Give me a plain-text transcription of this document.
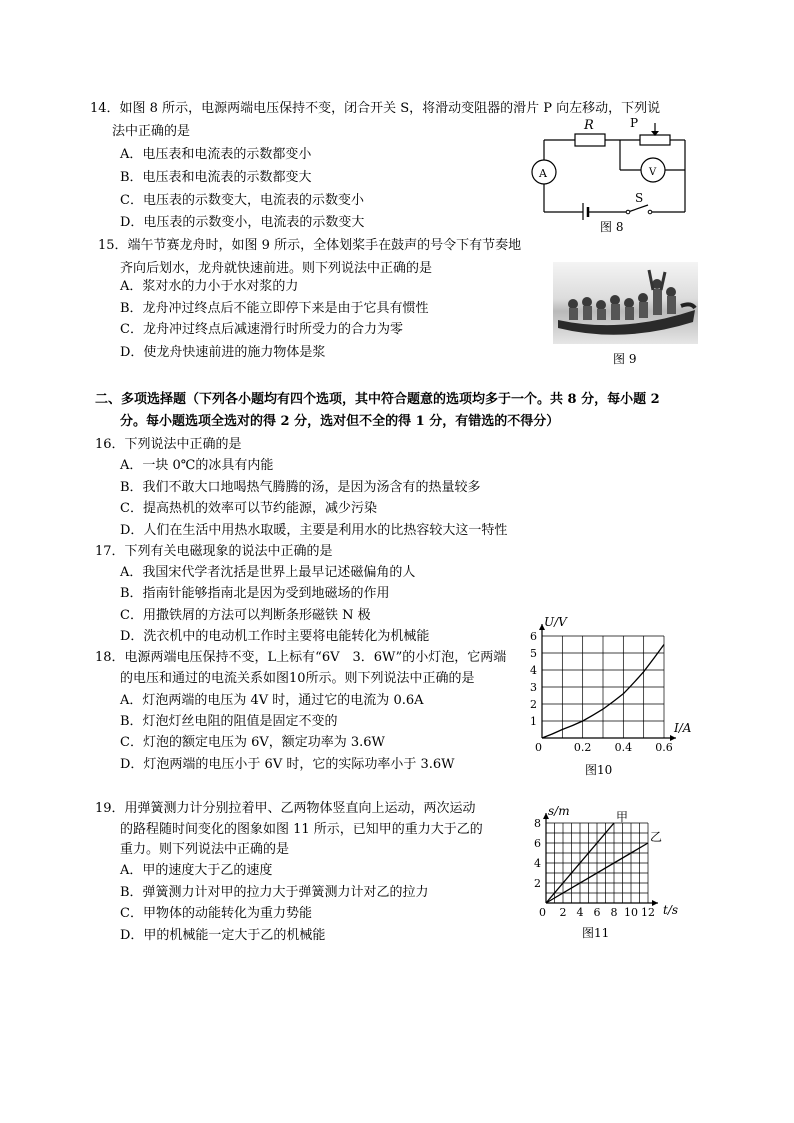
14．如图 8 所示，电源两端电压保持不变，闭合开关 S，将滑动变阻器的滑片 P 向左移动，下列说
法中正确的是
A．电压表和电流表的示数都变小
B．电压表和电流表的示数都变大
C．电压表的示数变大，电流表的示数变小
D．电压表的示数变小，电流表的示数变大
R	P
A	V
S
图 8
15．端午节赛龙舟时，如图 9 所示，全体划桨手在鼓声的号令下有节奏地
齐向后划水，龙舟就快速前进。则下列说法中正确的是
A．浆对水的力小于水对浆的力
B．龙舟冲过终点后不能立即停下来是由于它具有惯性
C．龙舟冲过终点后减速滑行时所受力的合力为零
D．使龙舟快速前进的施力物体是浆	图 9
二、多项选择题（下列各小题均有四个选项，其中符合题意的选项均多于一个。共 8 分，每小题 2
分。每小题选项全选对的得 2 分，选对但不全的得 1 分，有错选的不得分）
16．下列说法中正确的是
A．一块 0℃的冰具有内能
B．我们不敢大口地喝热气腾腾的汤，是因为汤含有的热量较多
C．提高热机的效率可以节约能源，减少污染
D．人们在生活中用热水取暖，主要是利用水的比热容较大这一特性
17．下列有关电磁现象的说法中正确的是
A．我国宋代学者沈括是世界上最早记述磁偏角的人
B．指南针能够指南北是因为受到地磁场的作用
C．用撒铁屑的方法可以判断条形磁铁 N 极
D．洗衣机中的电动机工作时主要将电能转化为机械能
18．电源两端电压保持不变，L上标有“6V　3．6W”的小灯泡，它两端
的电压和通过的电流关系如图10所示。则下列说法中正确的是
A．灯泡两端的电压为 4V 时，通过它的电流为 0.6A
B．灯泡灯丝电阻的阻值是固定不变的
C．灯泡的额定电压为 6V，额定功率为 3.6W
D．灯泡两端的电压小于 6V 时，它的实际功率小于 3.6W
0	0.2 0.4 0.6
1
2
3
4
5
6
U/V
I/A
图10
19．用弹簧测力计分别拉着甲、乙两物体竖直向上运动，两次运动
的路程随时间变化的图象如图 11 所示，已知甲的重力大于乙的
重力。则下列说法中正确的是
A．甲的速度大于乙的速度
B．弹簧测力计对甲的拉力大于弹簧测力计对乙的拉力
C．甲物体的动能转化为重力势能
D．甲的机械能一定大于乙的机械能
0 2 4 6 8 10 12
2
4
6
8
s/m
t/s
甲
乙
图11
